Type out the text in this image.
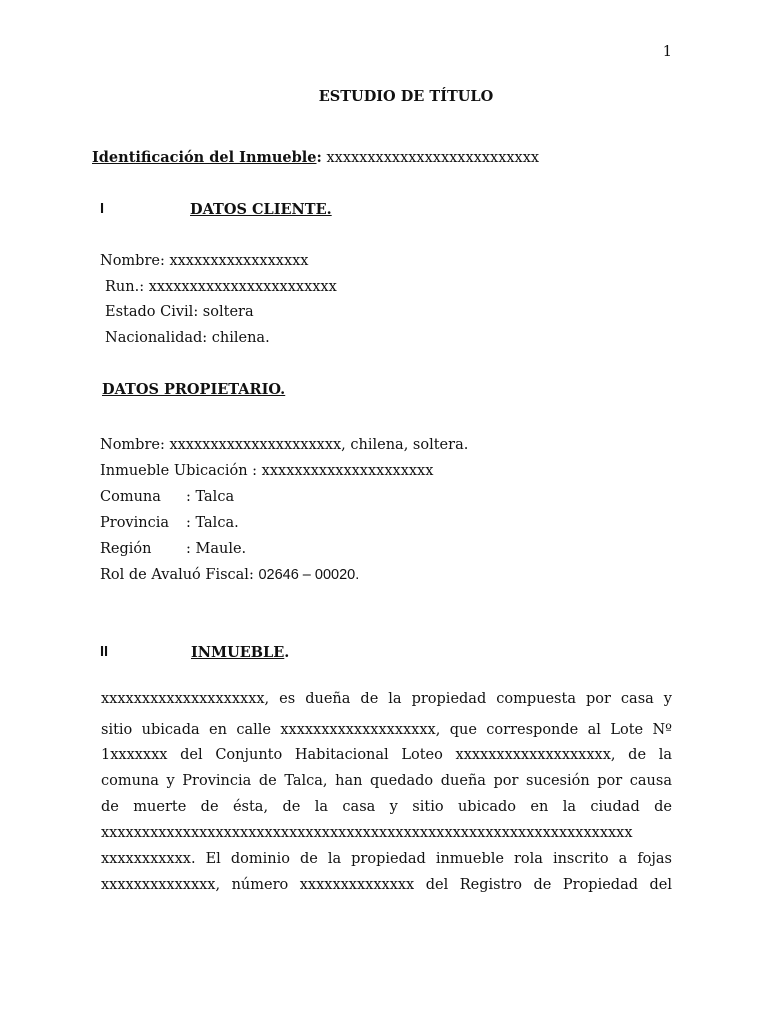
1
ESTUDIO DE TÍTULO
Identificación del Inmueble: xxxxxxxxxxxxxxxxxxxxxxxxxx
I	DATOS CLIENTE.
Nombre: xxxxxxxxxxxxxxxxx
Run.: xxxxxxxxxxxxxxxxxxxxxxx
Estado Civil: soltera
Nacionalidad: chilena.
DATOS PROPIETARIO.
Nombre: xxxxxxxxxxxxxxxxxxxxx, chilena, soltera.
Inmueble Ubicación : xxxxxxxxxxxxxxxxxxxxx
Comuna : Talca
Provincia : Talca.
Región : Maule.
Rol de Avaluó Fiscal: 02646 – 00020.
II	INMUEBLE.
xxxxxxxxxxxxxxxxxxxx, es dueña de la propiedad compuesta por casa y
sitio ubicada en calle xxxxxxxxxxxxxxxxxxx, que corresponde al Lote Nº
1xxxxxxx del Conjunto Habitacional Loteo xxxxxxxxxxxxxxxxxxx, de la
comuna y Provincia de Talca, han quedado dueña por sucesión por causa
de muerte de ésta, de la casa y sitio ubicado en la ciudad de
xxxxxxxxxxxxxxxxxxxxxxxxxxxxxxxxxxxxxxxxxxxxxxxxxxxxxxxxxxxxxxxxx
xxxxxxxxxxx. El dominio de la propiedad inmueble rola inscrito a fojas
xxxxxxxxxxxxxx, número xxxxxxxxxxxxxx del Registro de Propiedad del
